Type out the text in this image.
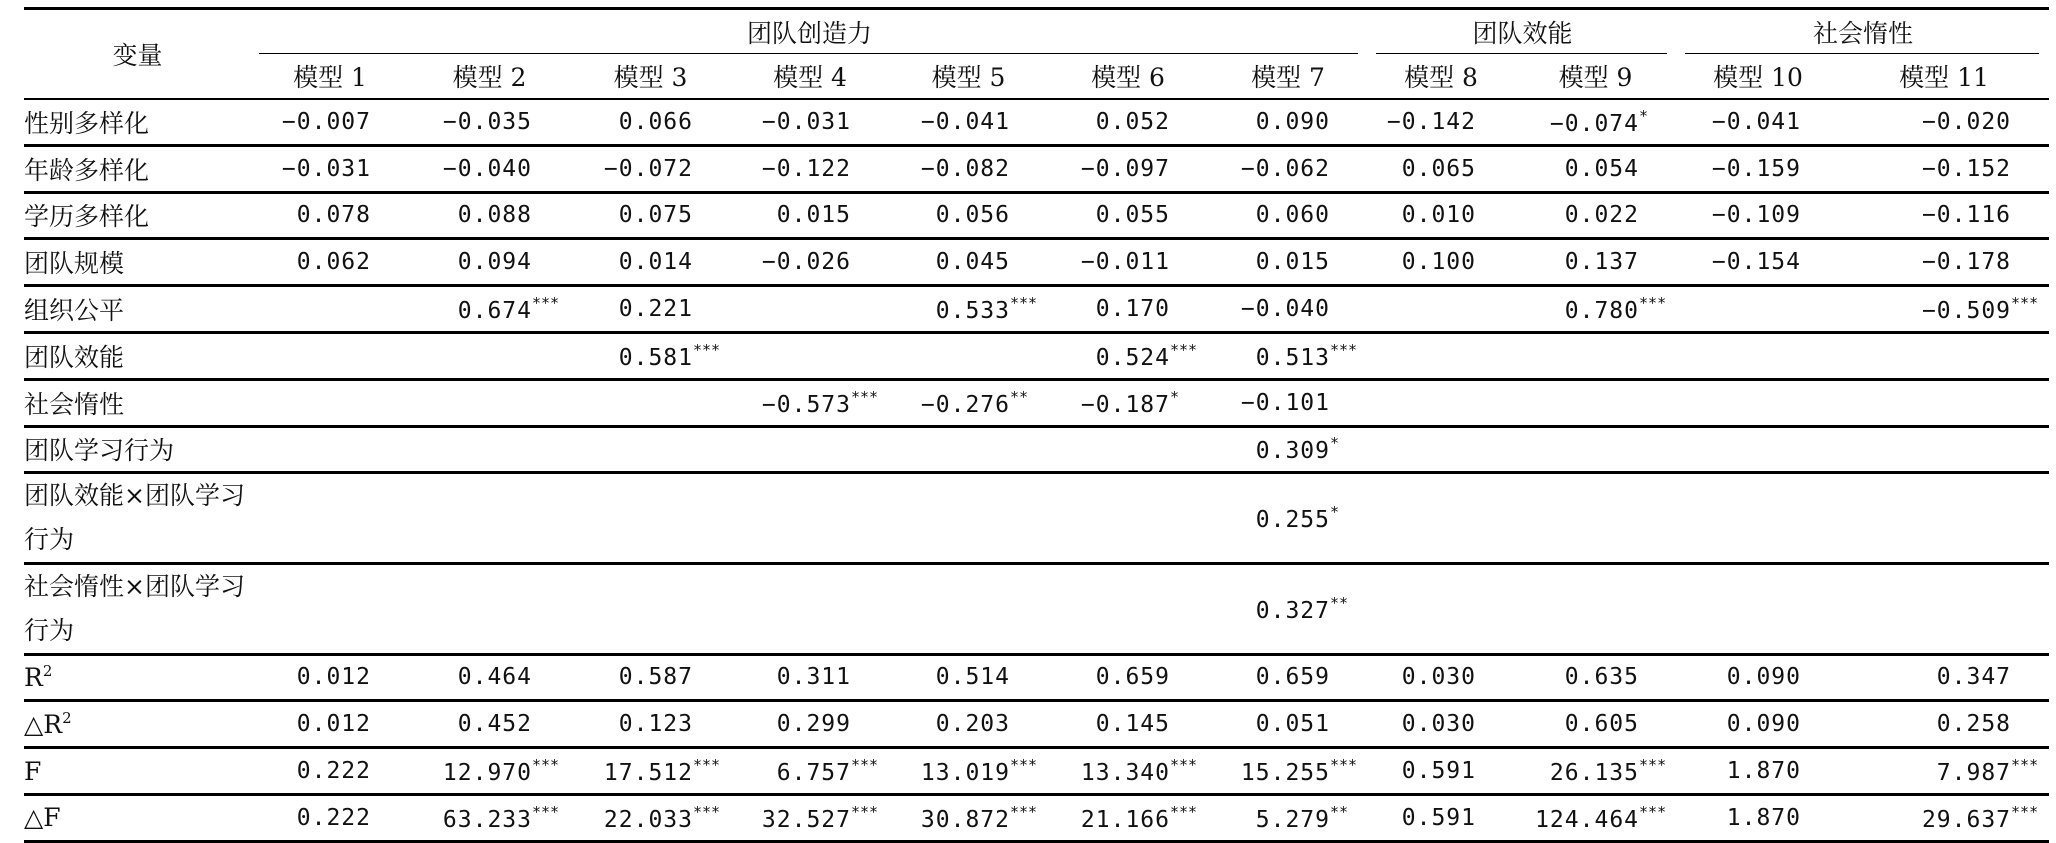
变量	团队创造力							团队效能		社会惰性	

	模型 1	模型 2	模型 3	模型 4	模型 5	模型 6	模型 7	模型 8	模型 9	模型 10	模型 11
性别多样化	−0.007	−0.035	0.066	−0.031	−0.041	0.052	0.090	−0.142	−0.074*	−0.041	−0.020
年龄多样化	−0.031	−0.040	−0.072	−0.122	−0.082	−0.097	−0.062	0.065	0.054	−0.159	−0.152
学历多样化	0.078	0.088	0.075	0.015	0.056	0.055	0.060	0.010	0.022	−0.109	−0.116
团队规模	0.062	0.094	0.014	−0.026	0.045	−0.011	0.015	0.100	0.137	−0.154	−0.178
组织公平		0.674***	0.221		0.533***	0.170	−0.040		0.780***		−0.509***
团队效能			0.581***			0.524***	0.513***				
社会惰性				−0.573***	−0.276**	−0.187*	−0.101				
团队学习行为							0.309*				
团队效能×团队学习行为							0.255*				
社会惰性×团队学习行为							0.327**				
$R^2$	0.012	0.464	0.587	0.311	0.514	0.659	0.659	0.030	0.635	0.090	0.347
$\triangle R^2$	0.012	0.452	0.123	0.299	0.203	0.145	0.051	0.030	0.605	0.090	0.258
F	0.222	12.970***	17.512***	6.757***	13.019***	13.340***	15.255***	0.591	26.135***	1.870	7.987***
△F	0.222	63.233***	22.033***	32.527***	30.872***	21.166***	5.279**	0.591	124.464***	1.870	29.637***
